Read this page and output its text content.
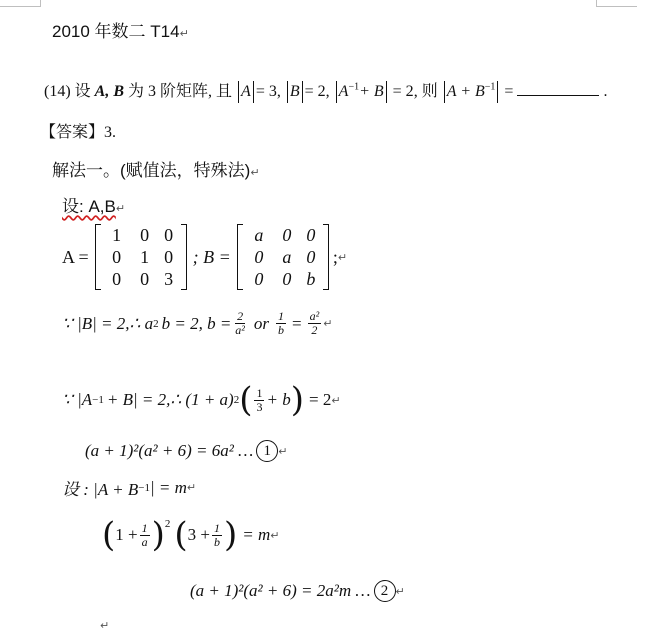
2010 年数二 T14↵
(14) 设 A, B 为 3 阶矩阵, 且 A = 3, B = 2, $A^{-1}+ B = 2$, 则 $A + B^{-1}$ =	.
【答案】3.
解法一。(赋值法，特殊法)↵
设: A,B↵
A =
1 0 0
0 1 0
0 0 3
; B =
a 0 0
0 a 0
0 0 b
; ↵
∵ |B| = 2,∴ a 2 b = 2, $b = \frac{2}{\text{a²}}$ or $\frac{1}{b} = \frac{\text{a²}}{2}$ ↵
∵ |A −1 + B| = 2,∴ (1 + a) 2 ( $\frac{1}{3} + b$ ) = 2 ↵
(a + 1)²(a² + 6) = 6a² … 1 ↵
设 : |A + B −1 | = m ↵
( $1 + \frac{1}{a} )^2$ ( $3 + \frac{1}{b}$ ) = m ↵
(a + 1)²(a² + 6) = 2a²m … 2 ↵
↵
